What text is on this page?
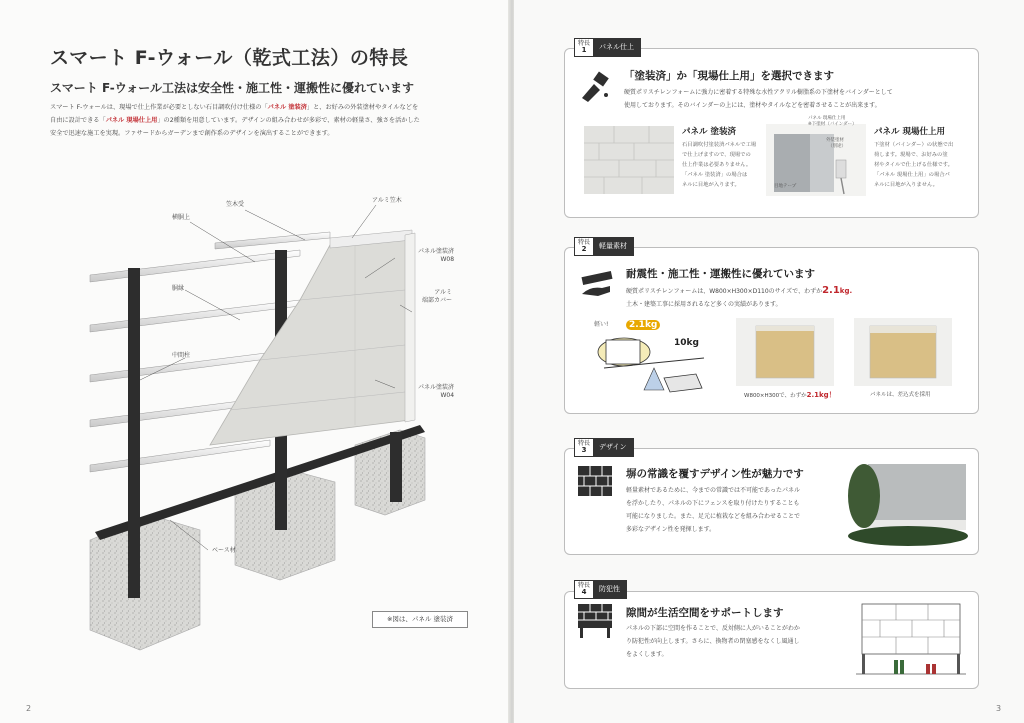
スマート F-ウォール（乾式工法）の特長
スマート F-ウォール工法は安全性・施工性・運搬性に優れています
スマート F-ウォールは、現場で仕上作業が必要としない石目調吹付け仕様の「パネル 塗装済」と、お好みの外装塗材やタイルなどを
自由に設計できる「パネル 現場仕上用」の2種類を用意しています。デザインの組み合わせが多彩で、素材の軽量さ、強さを活かした
安全で迅速な施工を実現。ファサードからガーデンまで創作系のデザインを演出することができます。
笠木受
アルミ笠木
横胴上
パネル塗装済
W08
胴縁
アルミ
端部カバー
中間柱
パネル塗装済
W04
ベース材
※図は、パネル 塗装済
2
特長
1	パネル仕上
「塗装済」か「現場仕上用」を選択できます
硬質ポリスチレンフォームに強力に密着する特殊な水性アクリル樹脂系の下塗材をバインダーとして
使用しております。そのバインダーの上には、塗材やタイルなどを密着させることが出来ます。
パネル 塗装済
石目調吹付塗装済パネルで工場
で仕上げますので、現場での
仕上作業は必要ありません。
「パネル 塗装済」の場合は
ネルに目地が入ります。
パネル 現場仕上用
※下塗材（バインダー）
外装塗材
（別途）
目地テープ
パネル 現場仕上用
下塗材（バインダー）の状態で出
荷します。現場で、お好みの塗
材やタイルで仕上げる仕様です。
「パネル 現場仕上用」の場合パ
ネルに目地が入りません。
特長
2	軽量素材
耐震性・施工性・運搬性に優れています
硬質ポリスチレンフォームは、W800×H300×D110のサイズで、わずか2.1kg.
土木・建築工事に採用されるなど多くの実績があります。
軽い!	2.1kg
10kg
W800×H300で、わずか2.1kg！	パネルは、差込式を採用
特長
3	デザイン
塀の常識を覆すデザイン性が魅力です
軽量素材であるために、今までの常識では不可能であったパネル
を浮かしたり、パネルの下にフェンスを取り付けたりすることも
可能になりました。また、足元に植栽などを組み合わせることで
多彩なデザイン性を発揮します。
特長
4	防犯性
隙間が生活空間をサポートします
パネルの下部に空間を作ることで、反対側に人がいることがわか
り防犯性が向上します。さらに、換物者の閉塞感をなくし風通し
をよくします。
3
